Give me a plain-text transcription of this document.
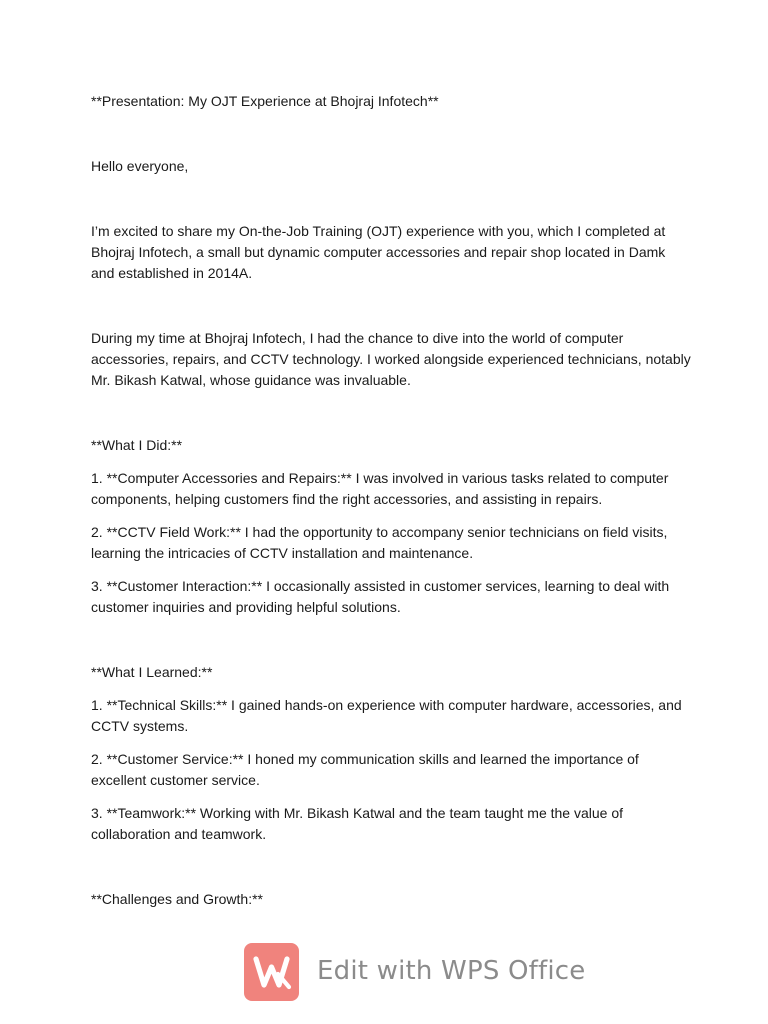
**Presentation: My OJT Experience at Bhojraj Infotech**

Hello everyone,

I’m excited to share my On-the-Job Training (OJT) experience with you, which I completed at Bhojraj Infotech, a small but dynamic computer accessories and repair shop located in Damk and established in 2014A.

During my time at Bhojraj Infotech, I had the chance to dive into the world of computer accessories, repairs, and CCTV technology. I worked alongside experienced technicians, notably Mr. Bikash Katwal, whose guidance was invaluable.

**What I Did:**

1. **Computer Accessories and Repairs:** I was involved in various tasks related to computer components, helping customers find the right accessories, and assisting in repairs.

2. **CCTV Field Work:** I had the opportunity to accompany senior technicians on field visits, learning the intricacies of CCTV installation and maintenance.

3. **Customer Interaction:** I occasionally assisted in customer services, learning to deal with customer inquiries and providing helpful solutions.

**What I Learned:**

1. **Technical Skills:** I gained hands-on experience with computer hardware, accessories, and CCTV systems.

2. **Customer Service:** I honed my communication skills and learned the importance of excellent customer service.

3. **Teamwork:** Working with Mr. Bikash Katwal and the team taught me the value of collaboration and teamwork.

**Challenges and Growth:**

Edit with WPS Office
